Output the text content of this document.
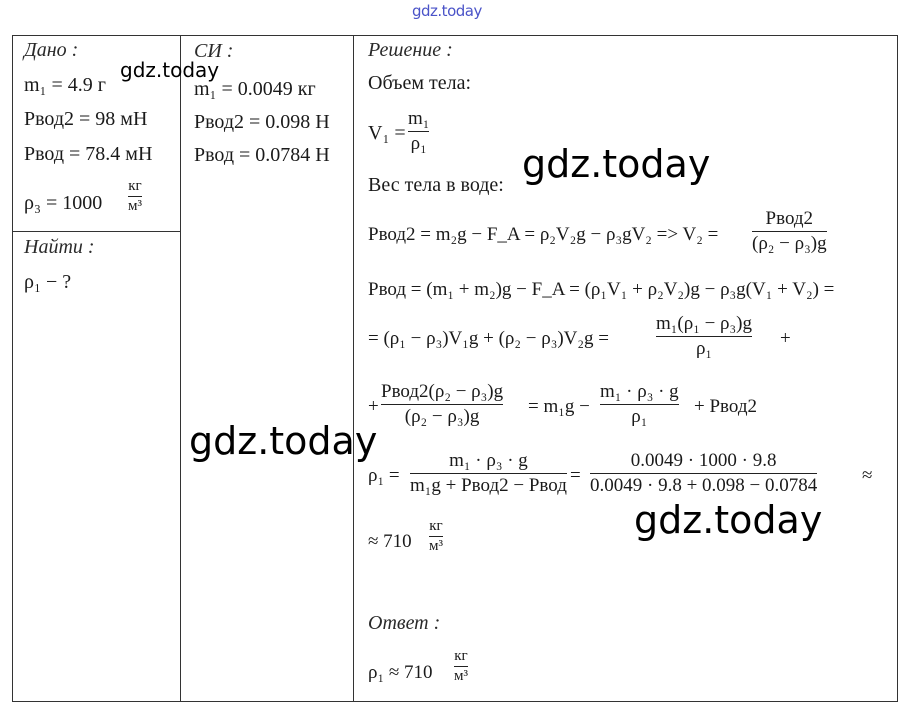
gdz.today
Дано :
m₁ = 4.9 г
Pвод2 = 98 мН
Pвод = 78.4 мН
ρ₃ = 1000
кг
м³
Найти :
ρ₁ − ?
СИ :
m₁ = 0.0049 кг
Pвод2 = 0.098 Н
Pвод = 0.0784 Н
Решение :
Объем тела:
V₁ =
m₁
ρ₁
Вес тела в воде:
Pвод2 = m₂g − F_A = ρ₂V₂g − ρ₃gV₂ => V₂ =
Pвод2
(ρ₂ − ρ₃)g
Pвод = (m₁ + m₂)g − F_A = (ρ₁V₁ + ρ₂V₂)g − ρ₃g(V₁ + V₂) =
= (ρ₁ − ρ₃)V₁g + (ρ₂ − ρ₃)V₂g =
m₁(ρ₁ − ρ₃)g
ρ₁	+
+
Pвод2(ρ₂ − ρ₃)g
(ρ₂ − ρ₃)g	= m₁g −
m₁ · ρ₃ · g
ρ₁	+ Pвод2
ρ₁ =
m₁ · ρ₃ · g
m₁g + Pвод2 − Pвод =
0.0049 · 1000 · 9.8
0.0049 · 9.8 + 0.098 − 0.0784 ≈
≈ 710
кг
м³
Ответ :
ρ₁ ≈ 710
кг
м³
gdz.today
gdz.today
gdz.today
gdz.today
